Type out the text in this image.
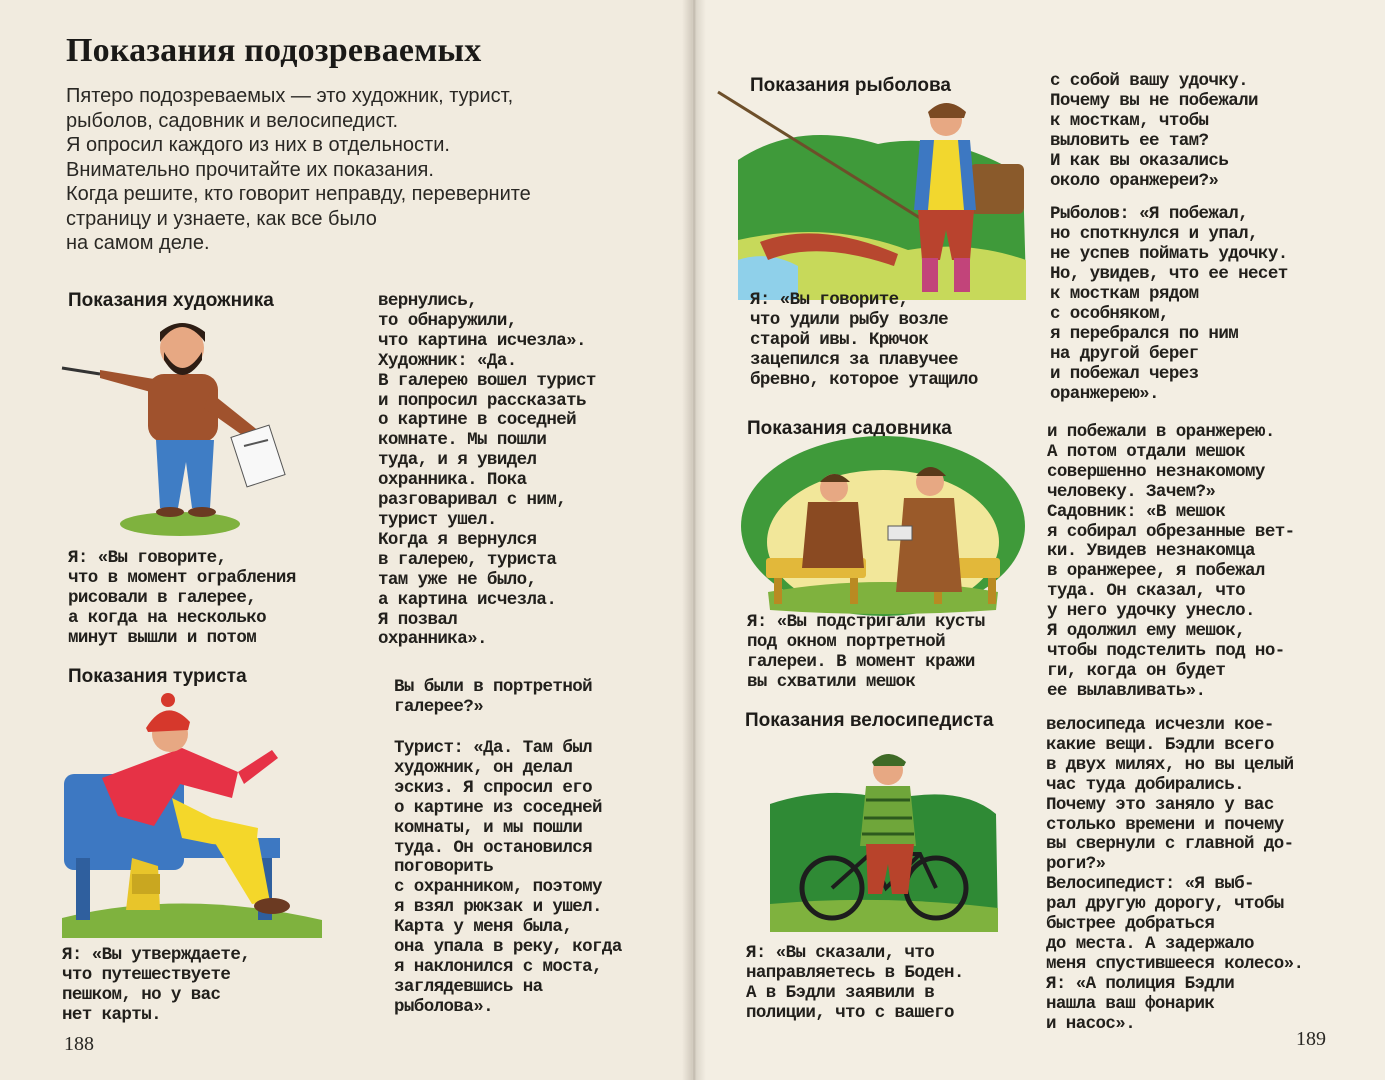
Показания подозреваемых
Пятеро подозреваемых — это художник, турист,
рыболов, садовник и велосипедист.
Я опросил каждого из них в отдельности.
Внимательно прочитайте их показания.
Когда решите, кто говорит неправду, переверните
страницу и узнаете, как все было
на самом деле.
Показания художника
Я: «Вы говорите,
что в момент ограбления
рисовали в галерее,
а когда на несколько
минут вышли и потом
вернулись,
то обнаружили,
что картина исчезла».
Художник: «Да.
В галерею вошел турист
и попросил рассказать
о картине в соседней
комнате. Мы пошли
туда, и я увидел
охранника. Пока
разговаривал с ним,
турист ушел.
Когда я вернулся
в галерею, туриста
там уже не было,
а картина исчезла.
Я позвал
охранника».
Показания туриста
Я: «Вы утверждаете,
что путешествуете
пешком, но у вас
нет карты.
Вы были в портретной
галерее?»
Турист: «Да. Там был
художник, он делал
эскиз. Я спросил его
о картине из соседней
комнаты, и мы пошли
туда. Он остановился
поговорить
с охранником, поэтому
я взял рюкзак и ушел.
Карта у меня была,
она упала в реку, когда
я наклонился с моста,
заглядевшись на
рыболова».
188
Показания рыболова
Я: «Вы говорите,
что удили рыбу возле
старой ивы. Крючок
зацепился за плавучее
бревно, которое утащило
с собой вашу удочку.
Почему вы не побежали
к мосткам, чтобы
выловить ее там?
И как вы оказались
около оранжереи?»
Рыболов: «Я побежал,
но споткнулся и упал,
не успев поймать удочку.
Но, увидев, что ее несет
к мосткам рядом
с особняком,
я перебрался по ним
на другой берег
и побежал через
оранжерею».
Показания садовника
Я: «Вы подстригали кусты
под окном портретной
галереи. В момент кражи
вы схватили мешок
и побежали в оранжерею.
А потом отдали мешок
совершенно незнакомому
человеку. Зачем?»
Садовник: «В мешок
я собирал обрезанные вет-
ки. Увидев незнакомца
в оранжерее, я побежал
туда. Он сказал, что
у него удочку унесло.
Я одолжил ему мешок,
чтобы подстелить под но-
ги, когда он будет
ее вылавливать».
Показания велосипедиста
Я: «Вы сказали, что
направляетесь в Боден.
А в Бэдли заявили в
полиции, что с вашего
велосипеда исчезли кое-
какие вещи. Бэдли всего
в двух милях, но вы целый
час туда добирались.
Почему это заняло у вас
столько времени и почему
вы свернули с главной до-
роги?»
Велосипедист: «Я выб-
рал другую дорогу, чтобы
быстрее добраться
до места. А задержало
меня спустившееся колесо».
Я: «А полиция Бэдли
нашла ваш фонарик
и насос».
189
